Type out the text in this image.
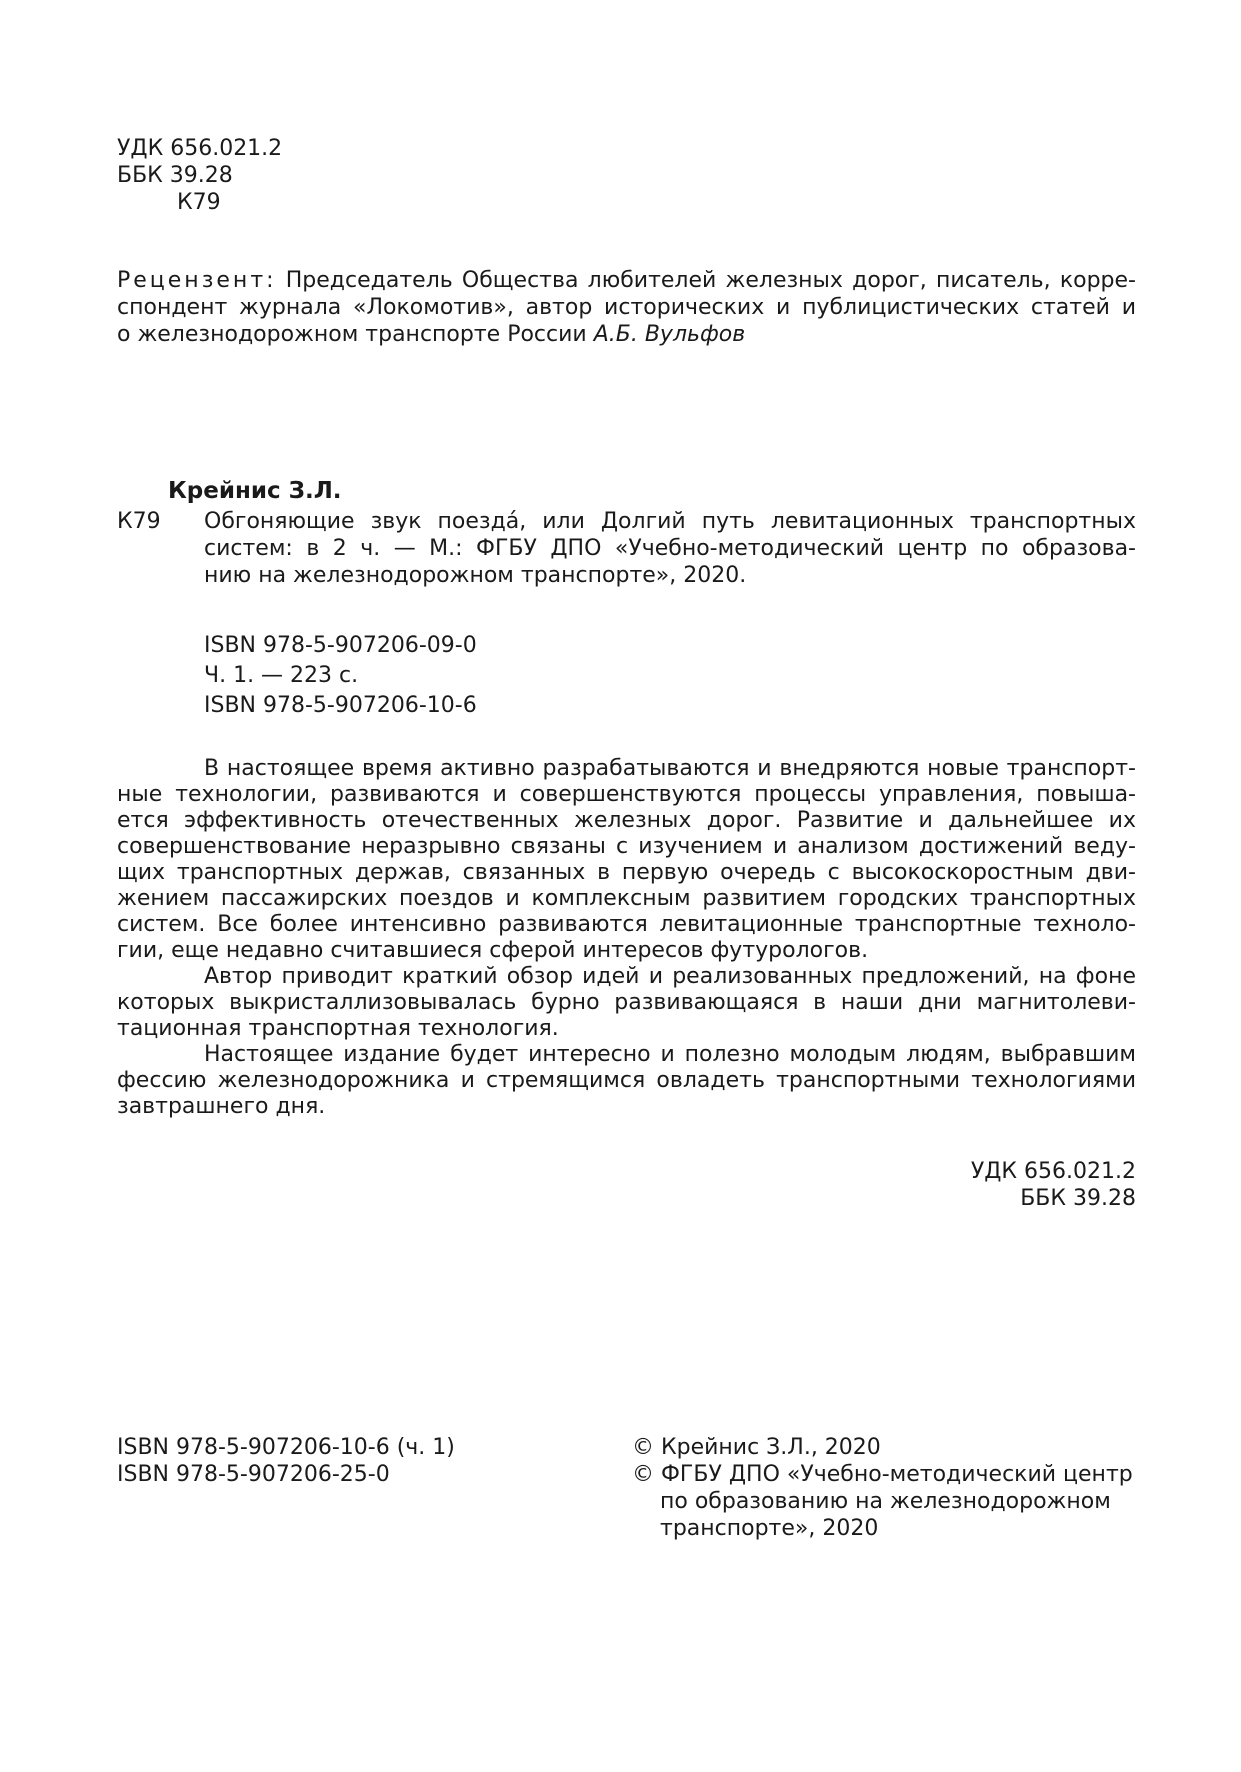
УДК 656.021.2
ББК 39.28
К79
Рецензент: Председатель Общества любителей железных дорог, писатель, корре-
спондент журнала «Локомотив», автор исторических и публицистических статей и
о железнодорожном транспорте России А.Б. Вульфов
Крейнис З.Л.
К79 Обгоняющие звук поездá, или Долгий путь левитационных транспортных
систем: в 2 ч. — М.: ФГБУ ДПО «Учебно-методический центр по образова-
нию на железнодорожном транспорте», 2020.
ISBN 978-5-907206-09-0
Ч. 1. — 223 с.
ISBN 978-5-907206-10-6
В настоящее время активно разрабатываются и внедряются новые транспорт-
ные технологии, развиваются и совершенствуются процессы управления, повыша-
ется эффективность отечественных железных дорог. Развитие и дальнейшее их
совершенствование неразрывно связаны с изучением и анализом достижений веду-
щих транспортных держав, связанных в первую очередь с высокоскоростным дви-
жением пассажирских поездов и комплексным развитием городских транспортных
систем. Все более интенсивно развиваются левитационные транспортные техноло-
гии, еще недавно считавшиеся сферой интересов футурологов.
Автор приводит краткий обзор идей и реализованных предложений, на фоне
которых выкристаллизовывалась бурно развивающаяся в наши дни магнитолеви-
тационная транспортная технология.
Настоящее издание будет интересно и полезно молодым людям, выбравшим
фессию железнодорожника и стремящимся овладеть транспортными технологиями
завтрашнего дня.
УДК 656.021.2
ББК 39.28
ISBN 978-5-907206-10-6 (ч. 1)
ISBN 978-5-907206-25-0
© Крейнис З.Л., 2020
© ФГБУ ДПО «Учебно-методический центр
по образованию на железнодорожном
транспорте», 2020
